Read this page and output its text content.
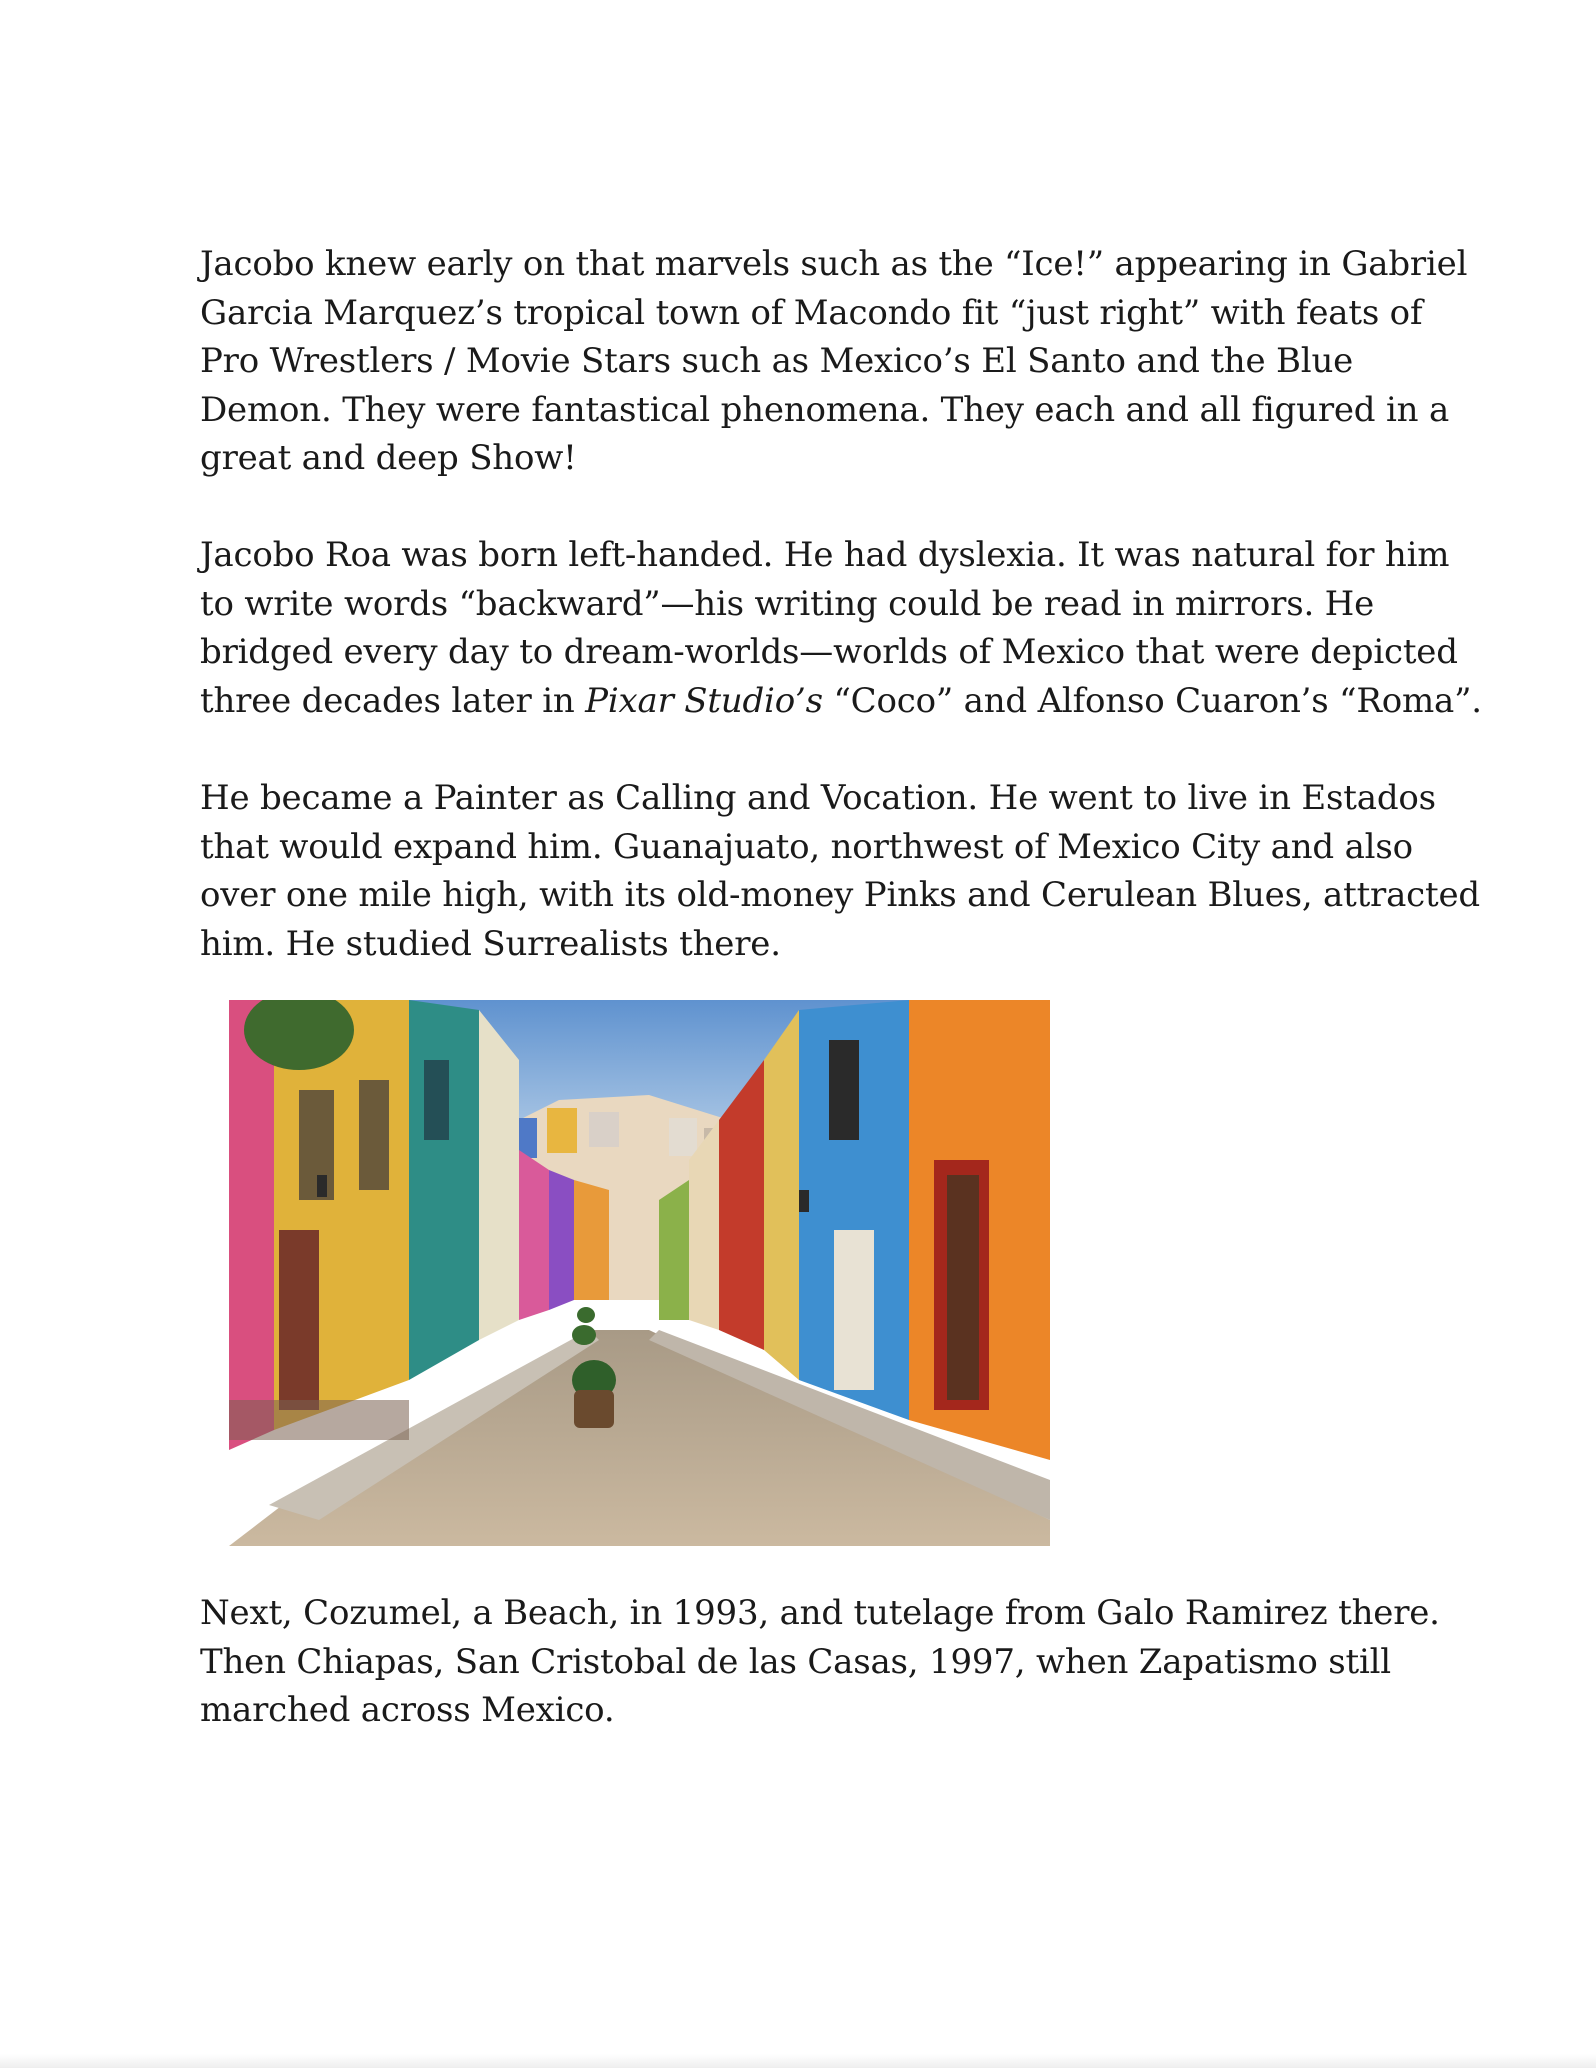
Jacobo knew early on that marvels such as the “Ice!” appearing in Gabriel
Garcia Marquez’s tropical town of Macondo fit “just right” with feats of
Pro Wrestlers / Movie Stars such as Mexico’s El Santo and the Blue
Demon. They were fantastical phenomena. They each and all figured in a
great and deep Show!

Jacobo Roa was born left-handed. He had dyslexia. It was natural for him
to write words “backward”—his writing could be read in mirrors. He
bridged every day to dream-worlds—worlds of Mexico that were depicted
three decades later in Pixar Studio’s “Coco” and Alfonso Cuaron’s “Roma”.

He became a Painter as Calling and Vocation. He went to live in Estados
that would expand him. Guanajuato, northwest of Mexico City and also
over one mile high, with its old-money Pinks and Cerulean Blues, attracted
him. He studied Surrealists there.

Next, Cozumel, a Beach, in 1993, and tutelage from Galo Ramirez there.
Then Chiapas, San Cristobal de las Casas, 1997, when Zapatismo still
marched across Mexico.
